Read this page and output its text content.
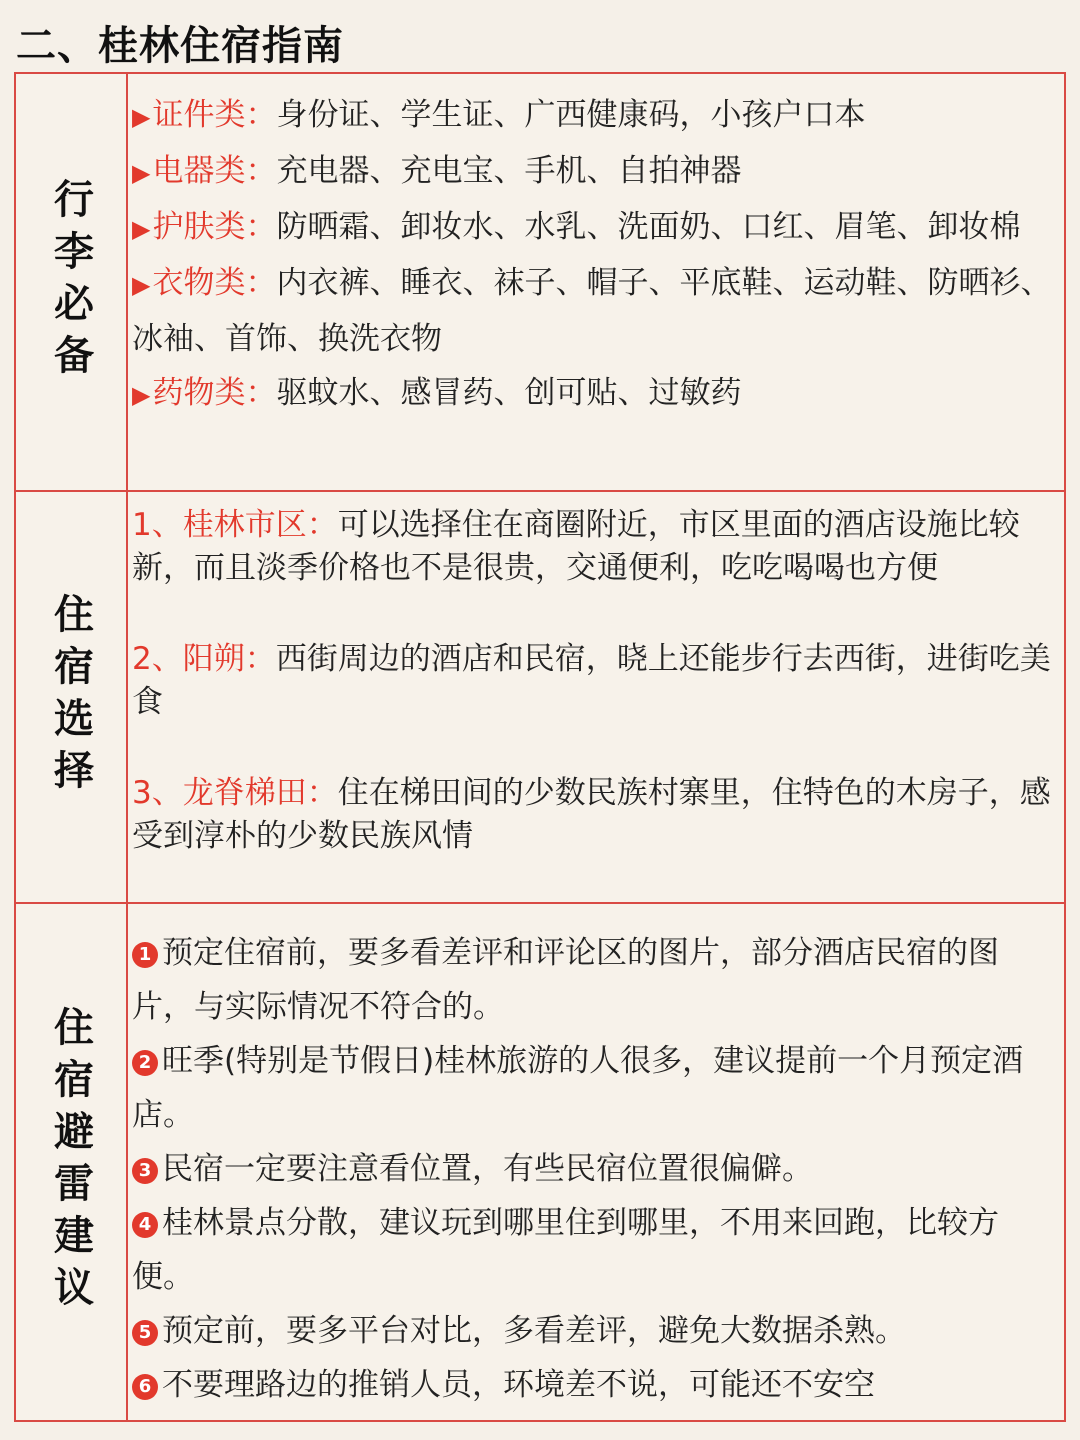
二、桂林住宿指南
行李必备

▶证件类：身份证、学生证、广西健康码，小孩户口本

▶电器类：充电器、充电宝、手机、自拍神器

▶护肤类：防晒霜、卸妆水、水乳、洗面奶、口红、眉笔、卸妆棉

▶衣物类：内衣裤、睡衣、袜子、帽子、平底鞋、运动鞋、防晒衫、冰袖、首饰、换洗衣物

▶药物类：驱蚊水、感冒药、创可贴、过敏药

住宿选择

1、桂林市区：可以选择住在商圈附近，市区里面的酒店设施比较新，而且淡季价格也不是很贵，交通便利，吃吃喝喝也方便

2、阳朔：西街周边的酒店和民宿，晓上还能步行去西街，进街吃美食

3、龙脊梯田：住在梯田间的少数民族村寨里，住特色的木房子，感受到淳朴的少数民族风情

住宿避雷建议

1 预定住宿前，要多看差评和评论区的图片，部分酒店民宿的图片，与实际情况不符合的。

2 旺季(特别是节假日)桂林旅游的人很多，建议提前一个月预定酒店。

3 民宿一定要注意看位置，有些民宿位置很偏僻。

4 桂林景点分散，建议玩到哪里住到哪里，不用来回跑，比较方便。

5 预定前，要多平台对比，多看差评，避免大数据杀熟。

6 不要理路边的推销人员，环境差不说，可能还不安空
